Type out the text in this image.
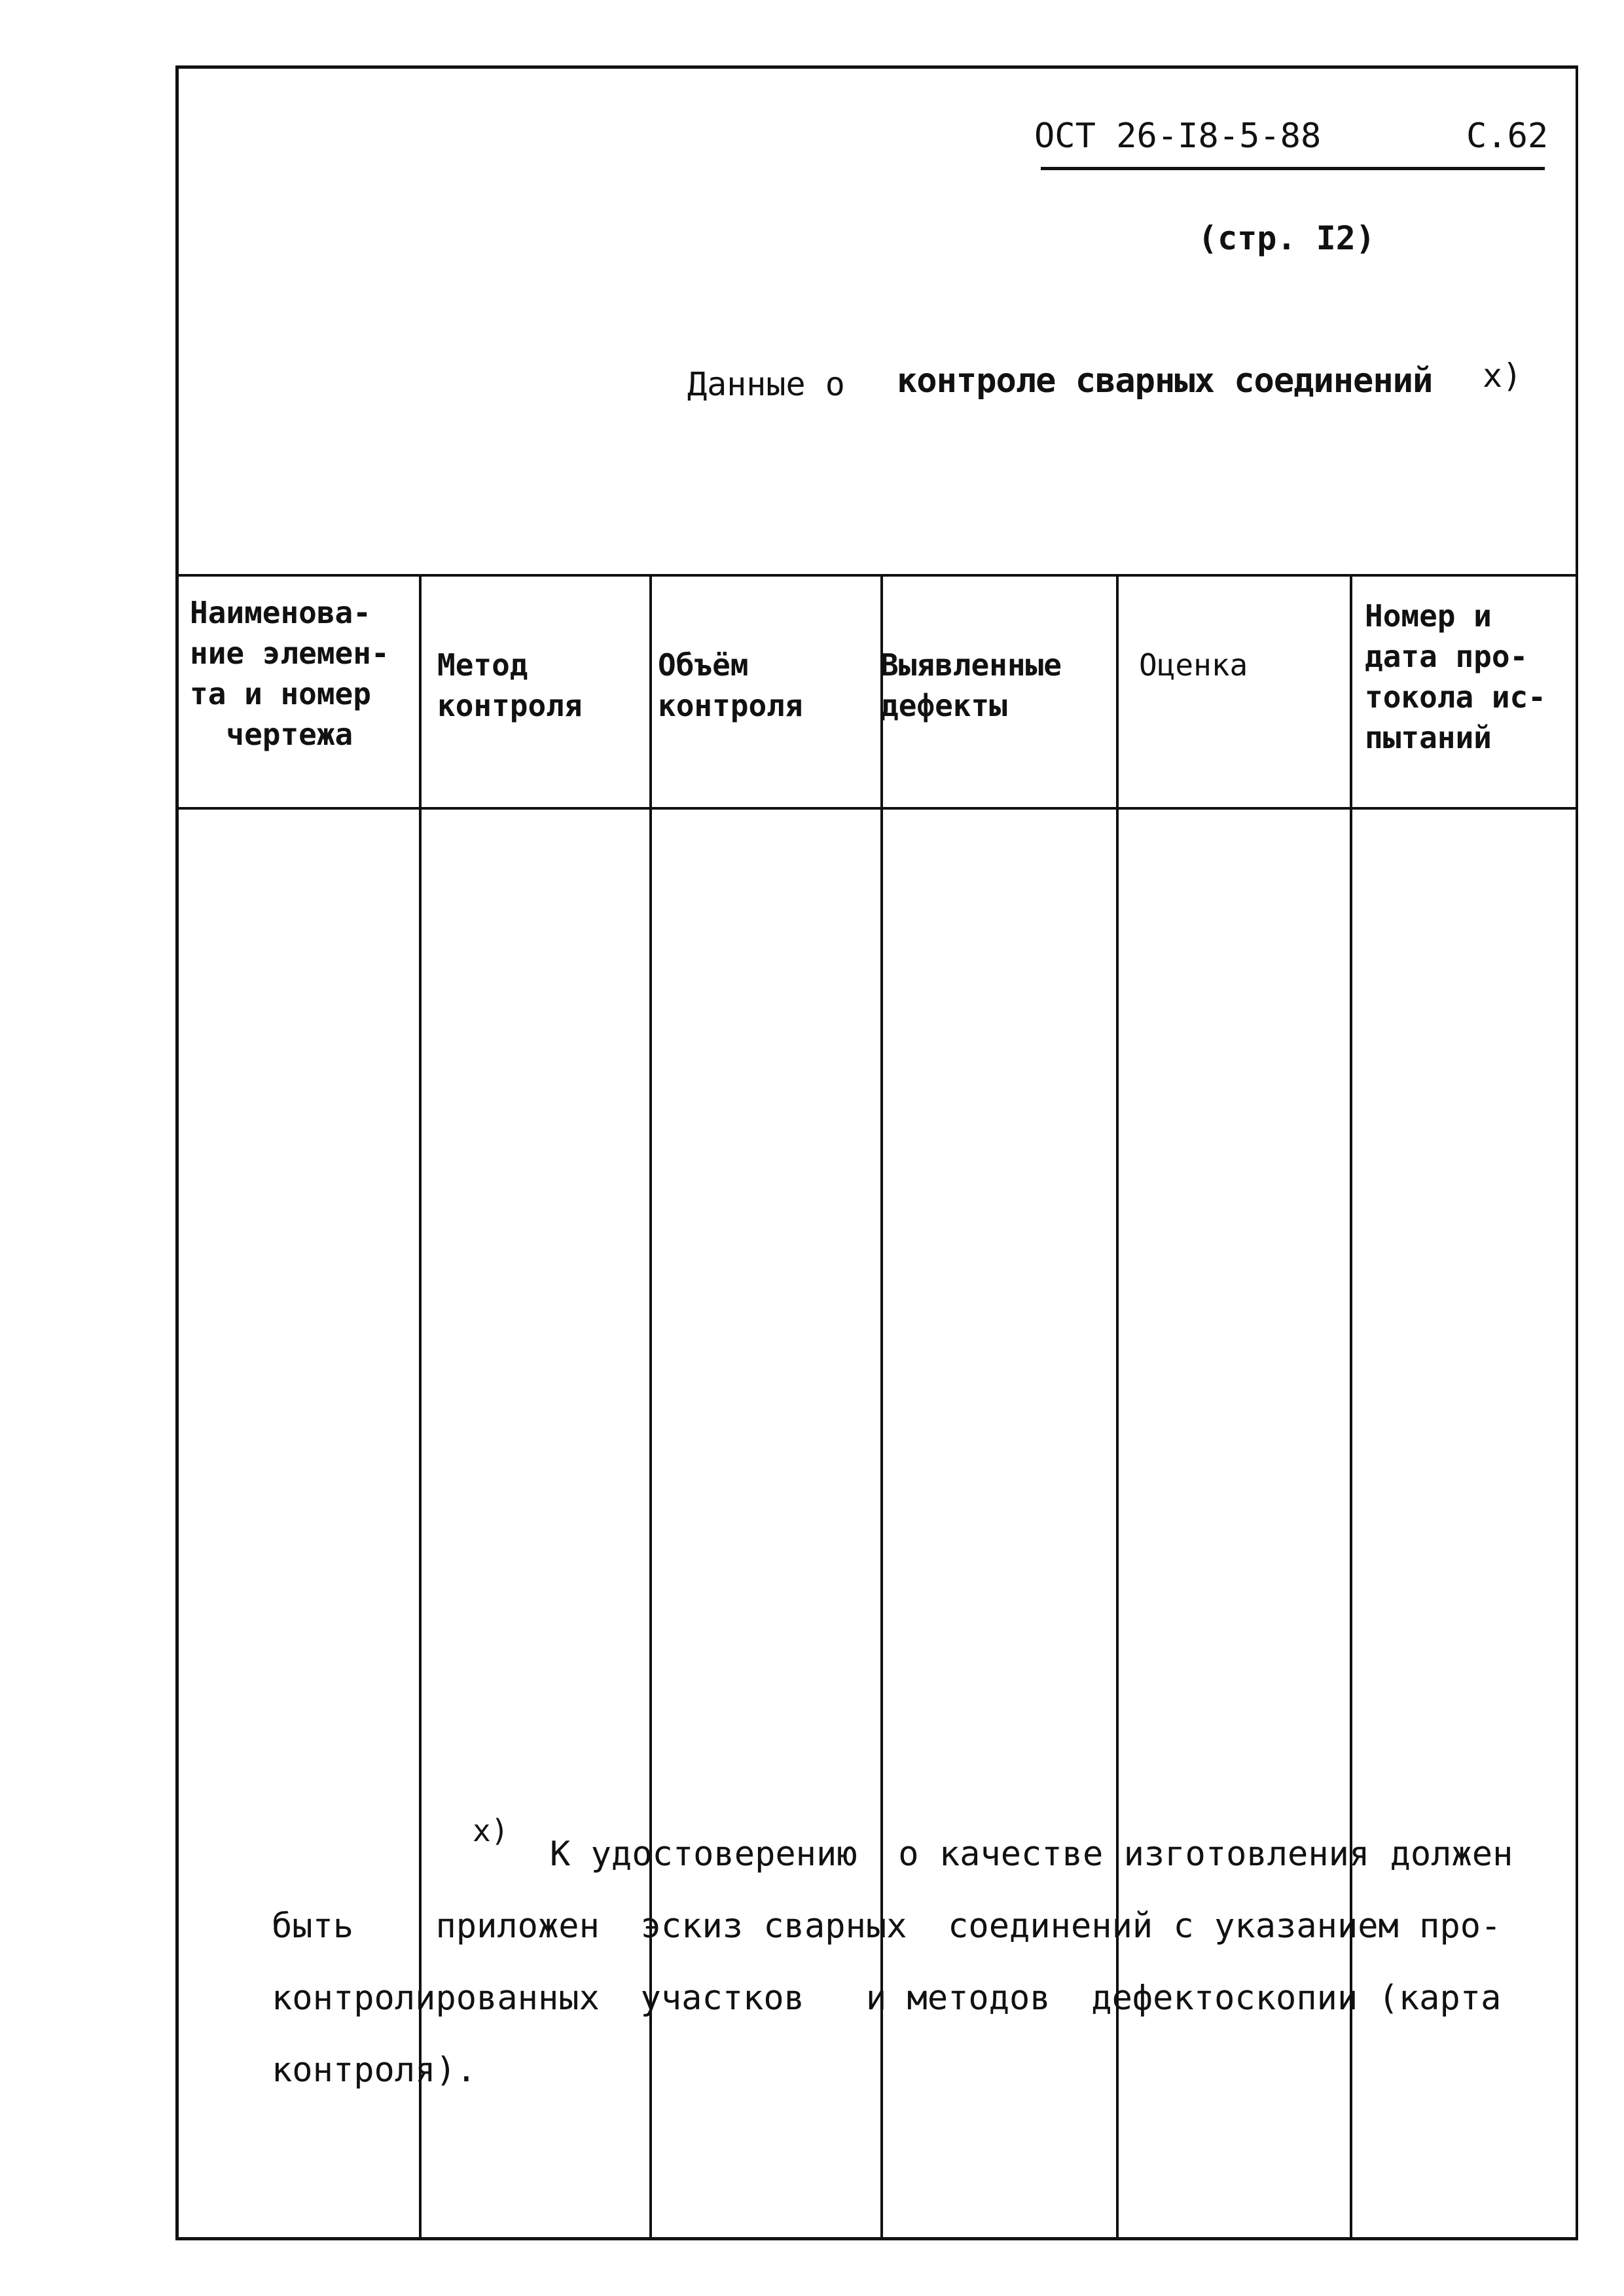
ОСТ 26-I8-5-88	С.62
(стр. I2)
Данные о контроле сварных соединений x)
Наименова-
ние элемен-
та и номер
чертежа
Метод
контроля
Объём
контроля
Выявленные
дефекты
Оценка
Номер и
дата про-
токола ис-
пытаний
x)
К удостоверению  о качестве изготовления должен
быть    приложен  эскиз сварных  соединений с указанием про-
контролированных  участков   и методов  дефектоскопии (карта
контроля).
